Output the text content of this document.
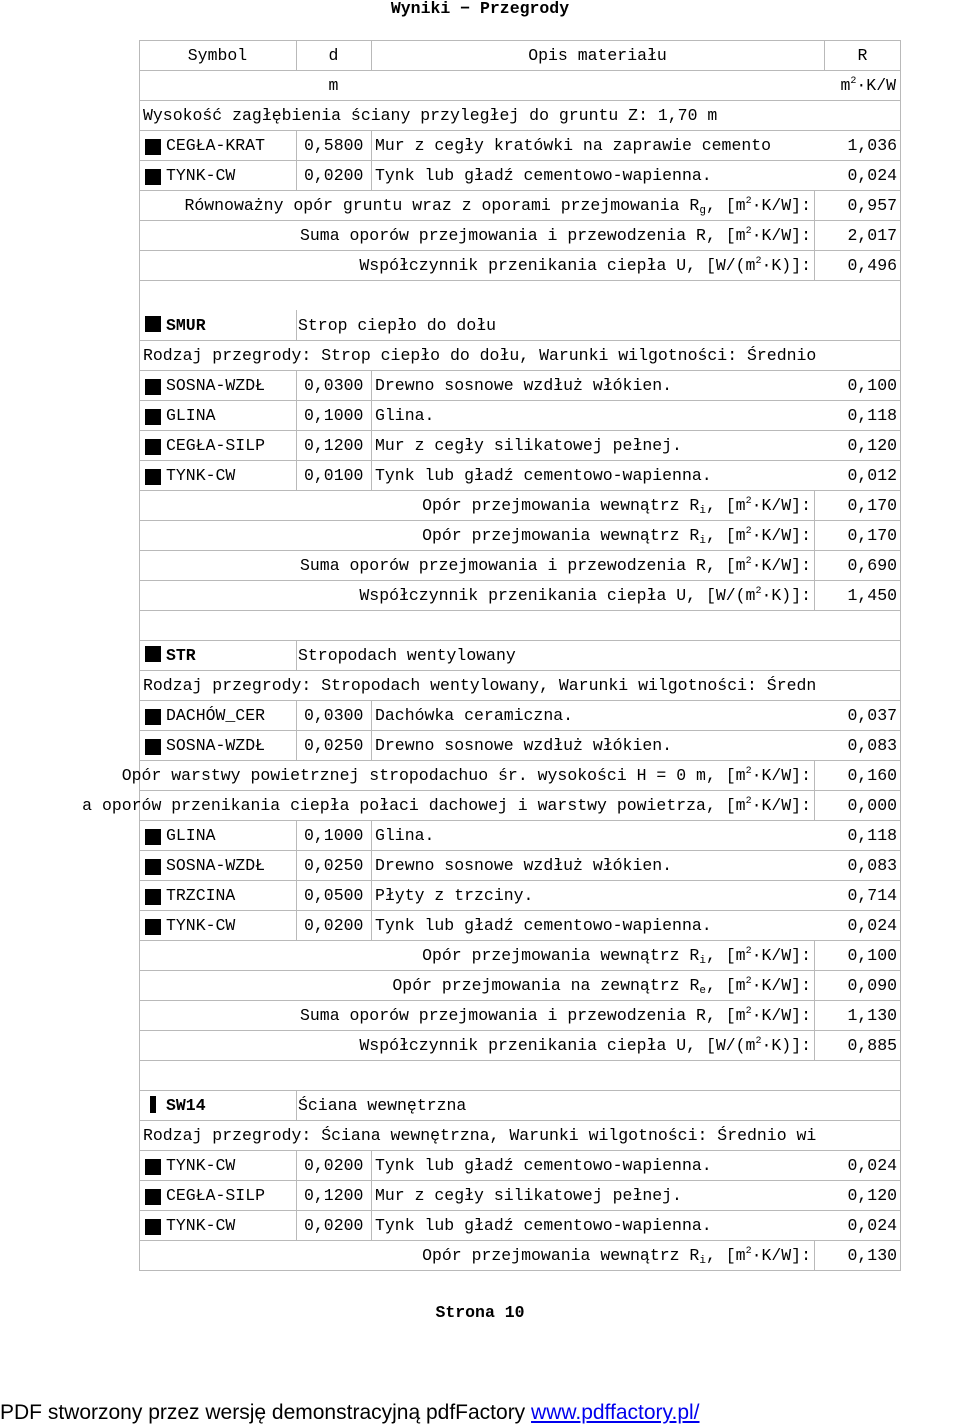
Wyniki − Przegrody
Symbol	d	Opis materiału	R
m	$m^2\cdot K/W$
Wysokość zagłębienia ściany przyległej do gruntu Z: 1,70 m
CEGŁA-KRAT 0,5800 Mur z cegły kratówki na zaprawie cemento	1,036
TYNK-CW	0,0200 Tynk lub gładź cementowo-wapienna.	0,024
Równoważny opór gruntu wraz z oporami przejmowania $R_g$, $[m^2\cdot K/W]$:	0,957
Suma oporów przejmowania i przewodzenia R, $[m^2\cdot K/W]$:	2,017
Współczynnik przenikania ciepła U, $[W/(m^2\cdot K)]$:	0,496
SMUR	Strop ciepło do dołu
Rodzaj przegrody: Strop ciepło do dołu, Warunki wilgotności: Średnio
SOSNA-WZDŁ 0,0300 Drewno sosnowe wzdłuż włókien.	0,100
GLINA	0,1000 Glina.	0,118
CEGŁA-SILP 0,1200 Mur z cegły silikatowej pełnej.	0,120
TYNK-CW	0,0100 Tynk lub gładź cementowo-wapienna.	0,012
Opór przejmowania wewnątrz $R_i$, $[m^2\cdot K/W]$:	0,170
Opór przejmowania wewnątrz $R_i$, $[m^2\cdot K/W]$:	0,170
Suma oporów przejmowania i przewodzenia R, $[m^2\cdot K/W]$:	0,690
Współczynnik przenikania ciepła U, $[W/(m^2\cdot K)]$:	1,450
STR	Stropodach wentylowany
Rodzaj przegrody: Stropodach wentylowany, Warunki wilgotności: Średn
DACHÓW_CER 0,0300 Dachówka ceramiczna.	0,037
SOSNA-WZDŁ 0,0250 Drewno sosnowe wzdłuż włókien.	0,083
Opór warstwy powietrznej stropodachuo śr. wysokości H = 0 m, $[m^2\cdot K/W]$:	0,160
a oporów przenikania ciepła połaci dachowej i warstwy powietrza, $[m^2\cdot K/W]$:	0,000
GLINA	0,1000 Glina.	0,118
SOSNA-WZDŁ 0,0250 Drewno sosnowe wzdłuż włókien.	0,083
TRZCINA	0,0500 Płyty z trzciny.	0,714
TYNK-CW	0,0200 Tynk lub gładź cementowo-wapienna.	0,024
Opór przejmowania wewnątrz $R_i$, $[m^2\cdot K/W]$:	0,100
Opór przejmowania na zewnątrz $R_e$, $[m^2\cdot K/W]$:	0,090
Suma oporów przejmowania i przewodzenia R, $[m^2\cdot K/W]$:	1,130
Współczynnik przenikania ciepła U, $[W/(m^2\cdot K)]$:	0,885
SW14	Ściana wewnętrzna
Rodzaj przegrody: Ściana wewnętrzna, Warunki wilgotności: Średnio wi
TYNK-CW	0,0200 Tynk lub gładź cementowo-wapienna.	0,024
CEGŁA-SILP 0,1200 Mur z cegły silikatowej pełnej.	0,120
TYNK-CW	0,0200 Tynk lub gładź cementowo-wapienna.	0,024
Opór przejmowania wewnątrz $R_i$, $[m^2\cdot K/W]$:	0,130
Strona 10
PDF stworzony przez wersję demonstracyjną pdfFactory www.pdffactory.pl/
